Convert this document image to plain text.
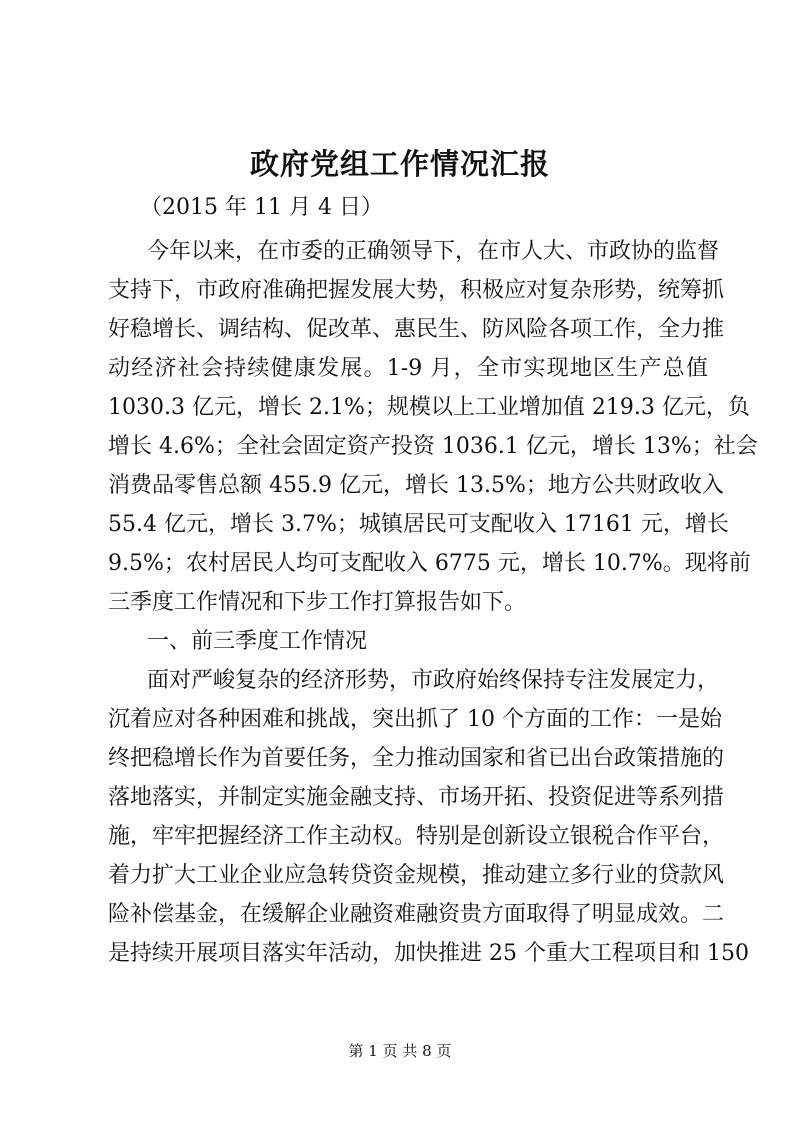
政府党组工作情况汇报
（2015 年 11 月 4 日）
今年以来，在市委的正确领导下，在市人大、市政协的监督
支持下，市政府准确把握发展大势，积极应对复杂形势，统筹抓
好稳增长、调结构、促改革、惠民生、防风险各项工作，全力推
动经济社会持续健康发展。1-9 月，全市实现地区生产总值
1030.3 亿元，增长 2.1%；规模以上工业增加值 219.3 亿元，负
增长 4.6%；全社会固定资产投资 1036.1 亿元，增长 13%；社会
消费品零售总额 455.9 亿元，增长 13.5%；地方公共财政收入
55.4 亿元，增长 3.7%；城镇居民可支配收入 17161 元，增长
9.5%；农村居民人均可支配收入 6775 元，增长 10.7%。现将前
三季度工作情况和下步工作打算报告如下。
一、前三季度工作情况
面对严峻复杂的经济形势，市政府始终保持专注发展定力，
沉着应对各种困难和挑战，突出抓了 10 个方面的工作：一是始
终把稳增长作为首要任务，全力推动国家和省已出台政策措施的
落地落实，并制定实施金融支持、市场开拓、投资促进等系列措
施，牢牢把握经济工作主动权。特别是创新设立银税合作平台，
着力扩大工业企业应急转贷资金规模，推动建立多行业的贷款风
险补偿基金，在缓解企业融资难融资贵方面取得了明显成效。二
是持续开展项目落实年活动，加快推进 25 个重大工程项目和 150
第 1 页 共 8 页
